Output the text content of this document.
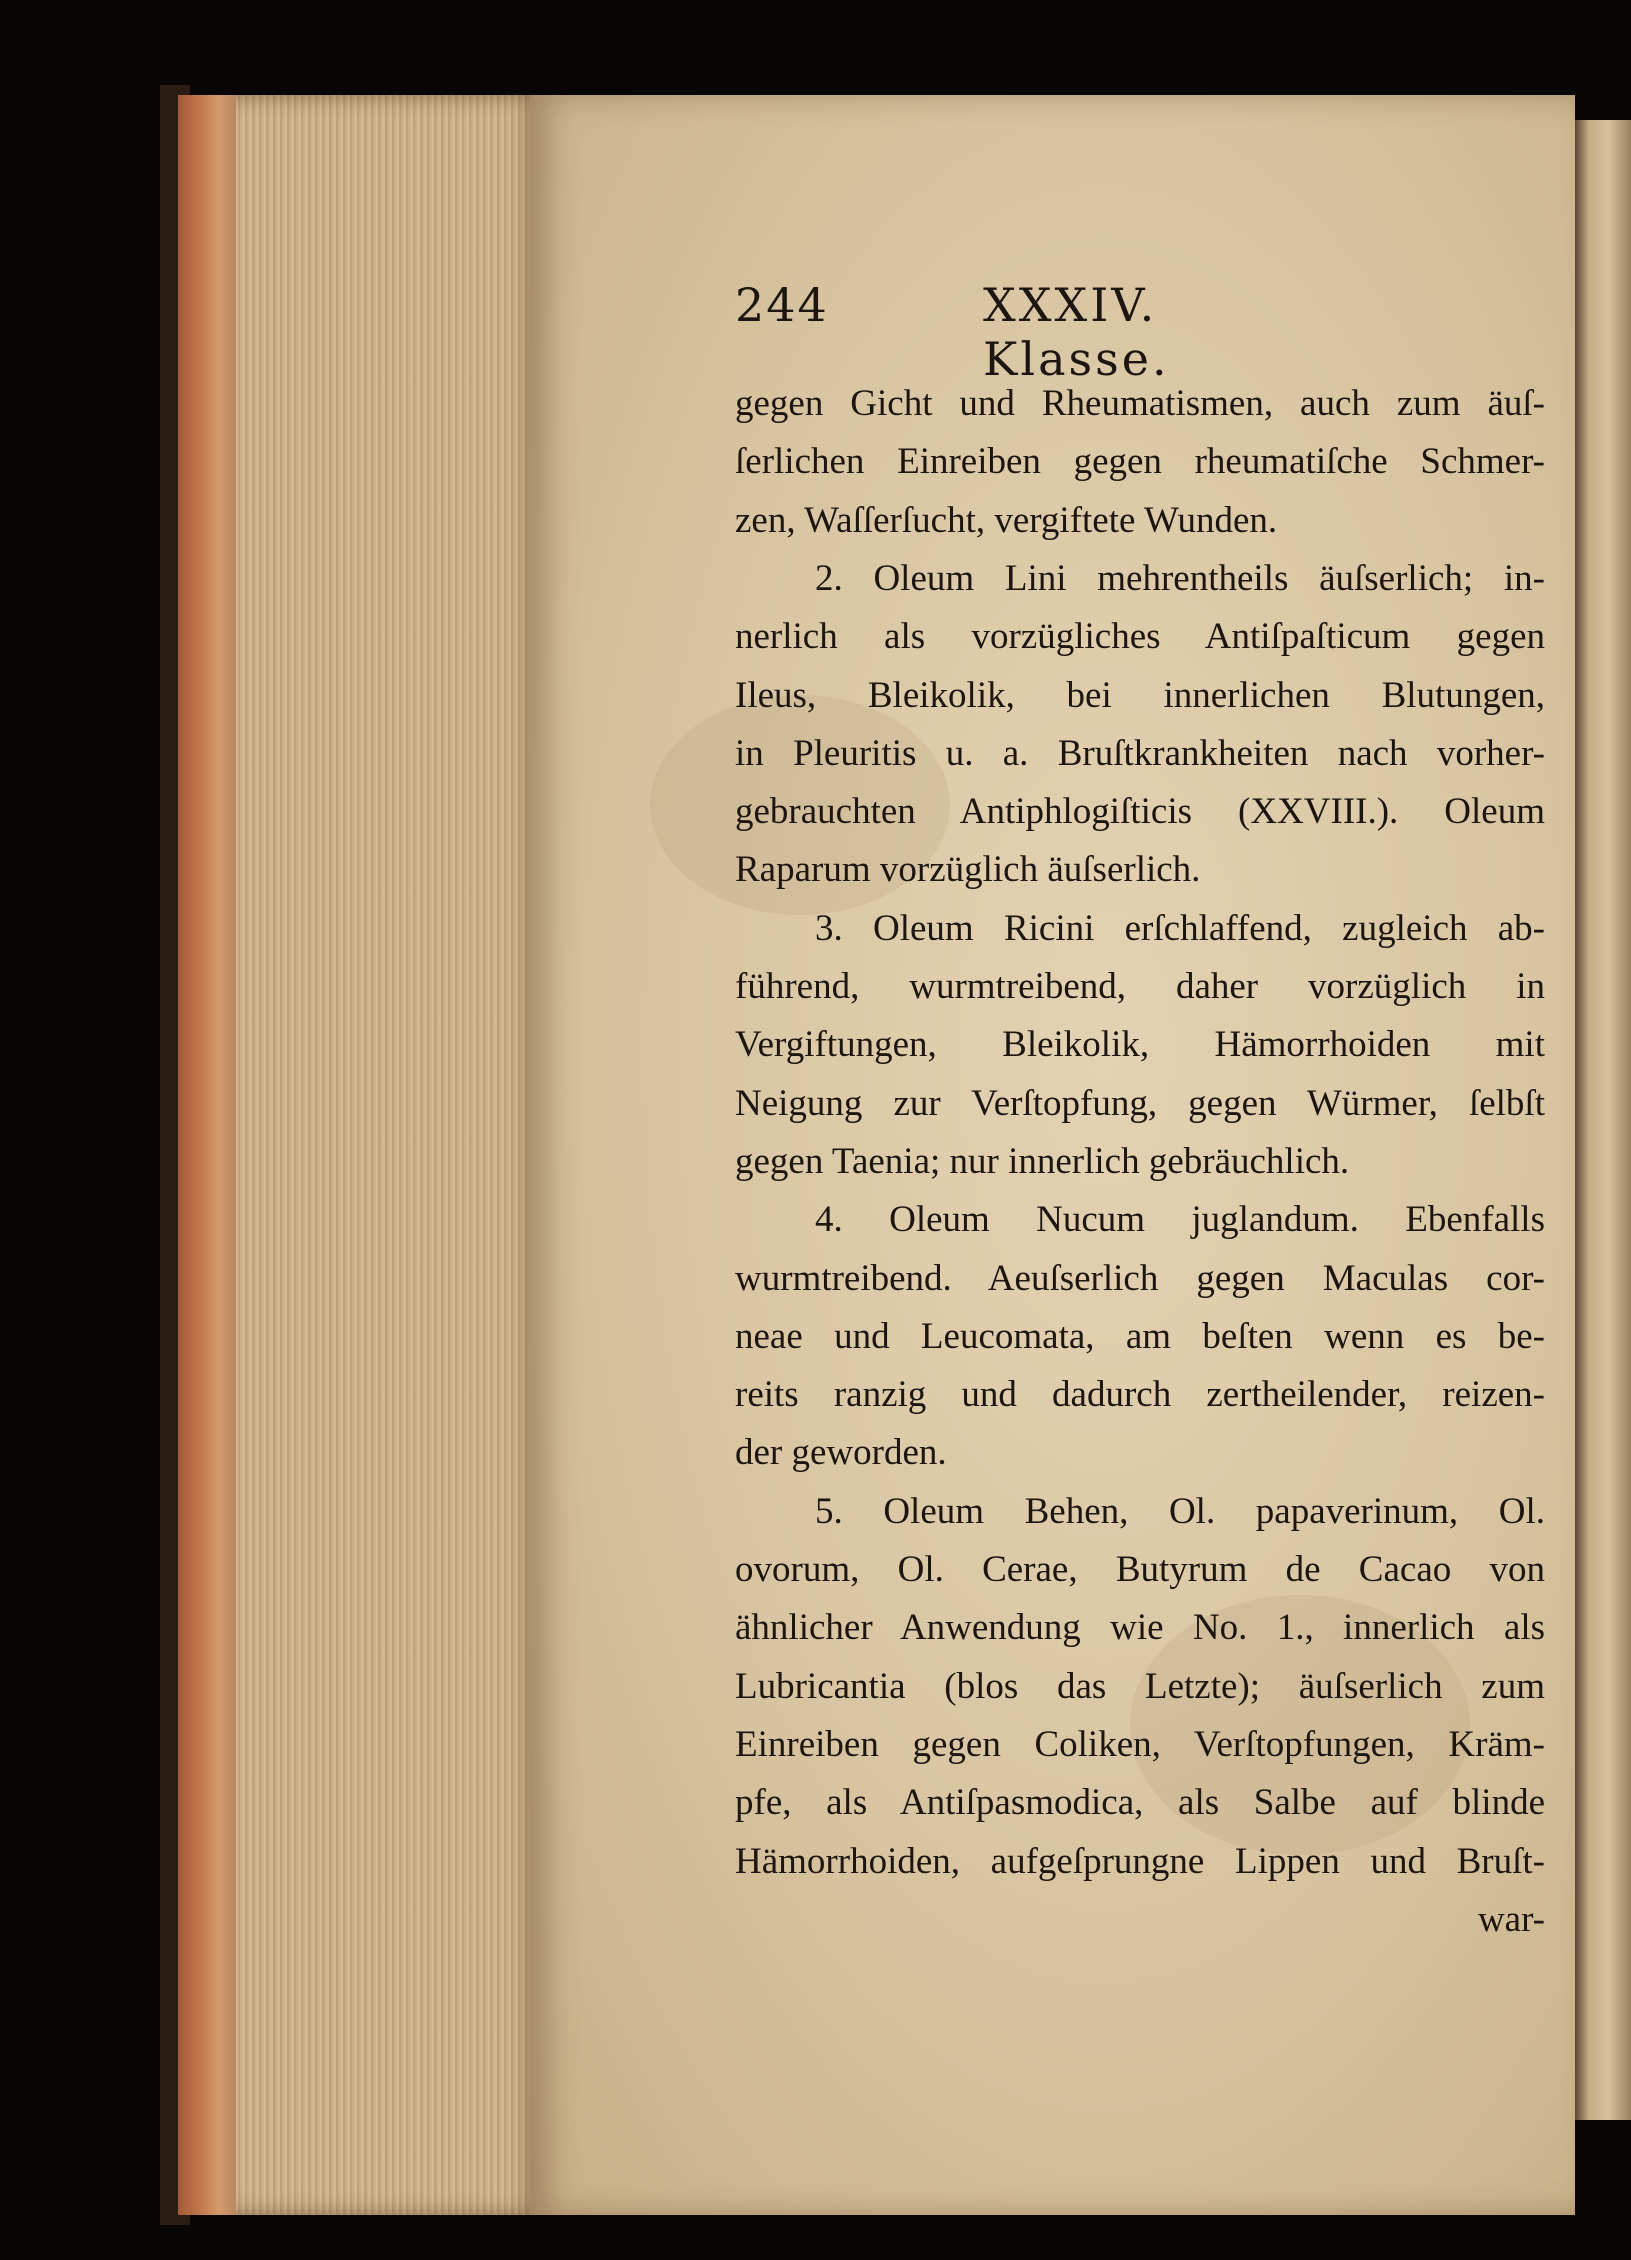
244	XXXIV. Klasse.
gegen Gicht und Rheumatismen, auch zum äuſ-
ſerlichen Einreiben gegen rheumatiſche Schmer-
zen, Waſſerſucht, vergiftete Wunden.
2. Oleum Lini mehrentheils äuſserlich; in-
nerlich als vorzügliches Antiſpaſticum gegen
Ileus, Bleikolik, bei innerlichen Blutungen,
in Pleuritis u. a. Bruſtkrankheiten nach vorher-
gebrauchten Antiphlogiſticis (XXVIII.). Oleum
Raparum vorzüglich äuſserlich.
3. Oleum Ricini erſchlaffend, zugleich ab-
führend, wurmtreibend, daher vorzüglich in
Vergiftungen, Bleikolik, Hämorrhoiden mit
Neigung zur Verſtopfung, gegen Würmer, ſelbſt
gegen Taenia; nur innerlich gebräuchlich.
4. Oleum Nucum juglandum. Ebenfalls
wurmtreibend. Aeuſserlich gegen Maculas cor-
neae und Leucomata, am beſten wenn es be-
reits ranzig und dadurch zertheilender, reizen-
der geworden.
5. Oleum Behen, Ol. papaverinum, Ol.
ovorum, Ol. Cerae, Butyrum de Cacao von
ähnlicher Anwendung wie No. 1., innerlich als
Lubricantia (blos das Letzte); äuſserlich zum
Einreiben gegen Coliken, Verſtopfungen, Kräm-
pfe, als Antiſpasmodica, als Salbe auf blinde
Hämorrhoiden, aufgeſprungne Lippen und Bruſt-
war-
